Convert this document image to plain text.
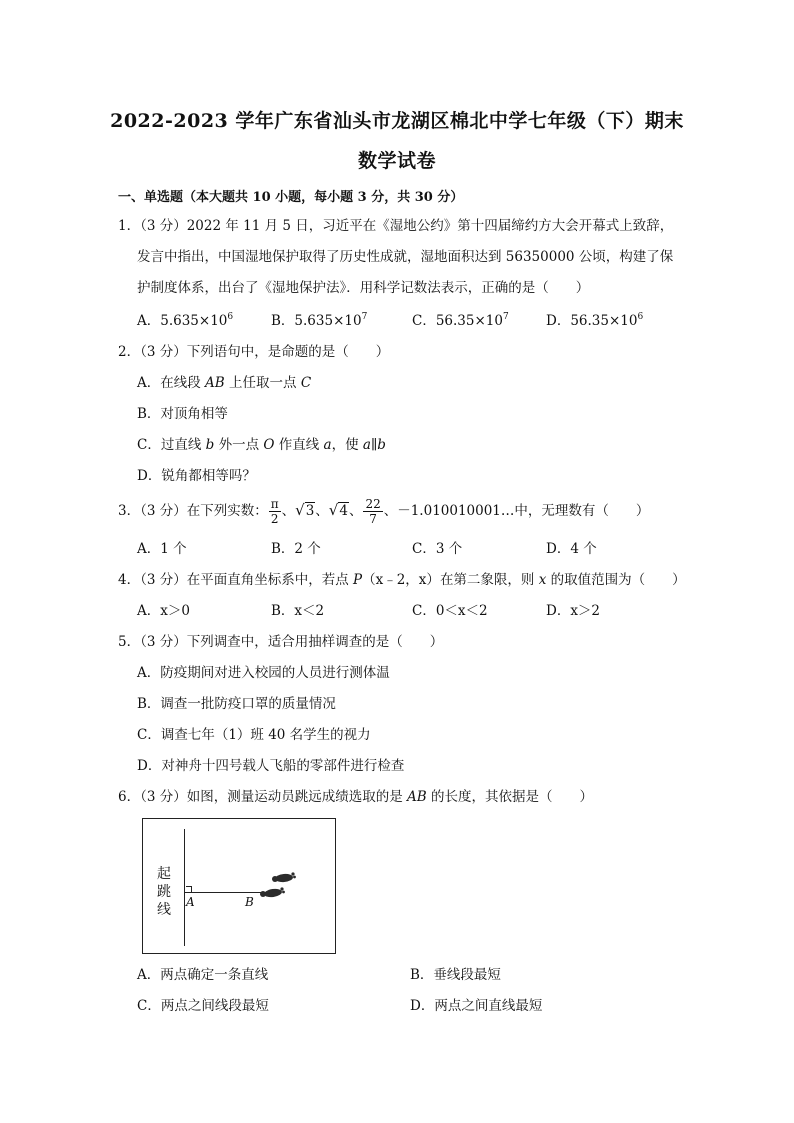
2022-2023 学年广东省汕头市龙湖区棉北中学七年级（下）期末
数学试卷
一、单选题（本大题共 10 小题，每小题 3 分，共 30 分）
1．（3 分）2022 年 11 月 5 日，习近平在《湿地公约》第十四届缔约方大会开幕式上致辞，
发言中指出，中国湿地保护取得了历史性成就，湿地面积达到 56350000 公顷，构建了保
护制度体系，出台了《湿地保护法》．用科学记数法表示，正确的是（　　）
A．$5.635\times 10^6$	B．$5.635\times 10^7$	C．$56.35\times 10^7$	D．$56.35\times 10^6$
2．（3 分）下列语句中，是命题的是（　　）
A．在线段 AB 上任取一点 C
B．对顶角相等
C．过直线 b 外一点 O 作直线 a，使 a∥b
D．锐角都相等吗？
3．（3 分）在下列实数： $\frac{\pi}{2}$ 、√3、√4、 $\frac{22}{7}$ 、－1.010010001…中，无理数有（　　）
A．1 个	B．2 个	C．3 个	D．4 个
4．（3 分）在平面直角坐标系中，若点 P（x﹣2，x）在第二象限，则 x 的取值范围为（　　）
A．x＞0	B．x＜2	C．0＜x＜2	D．x＞2
5．（3 分）下列调查中，适合用抽样调查的是（　　）
A．防疫期间对进入校园的人员进行测体温
B．调查一批防疫口罩的质量情况
C．调查七年（1）班 40 名学生的视力
D．对神舟十四号载人飞船的零部件进行检查
6．（3 分）如图，测量运动员跳远成绩选取的是 AB 的长度，其依据是（　　）
起
跳
线 A	B
A．两点确定一条直线	B．垂线段最短
C．两点之间线段最短	D．两点之间直线最短
